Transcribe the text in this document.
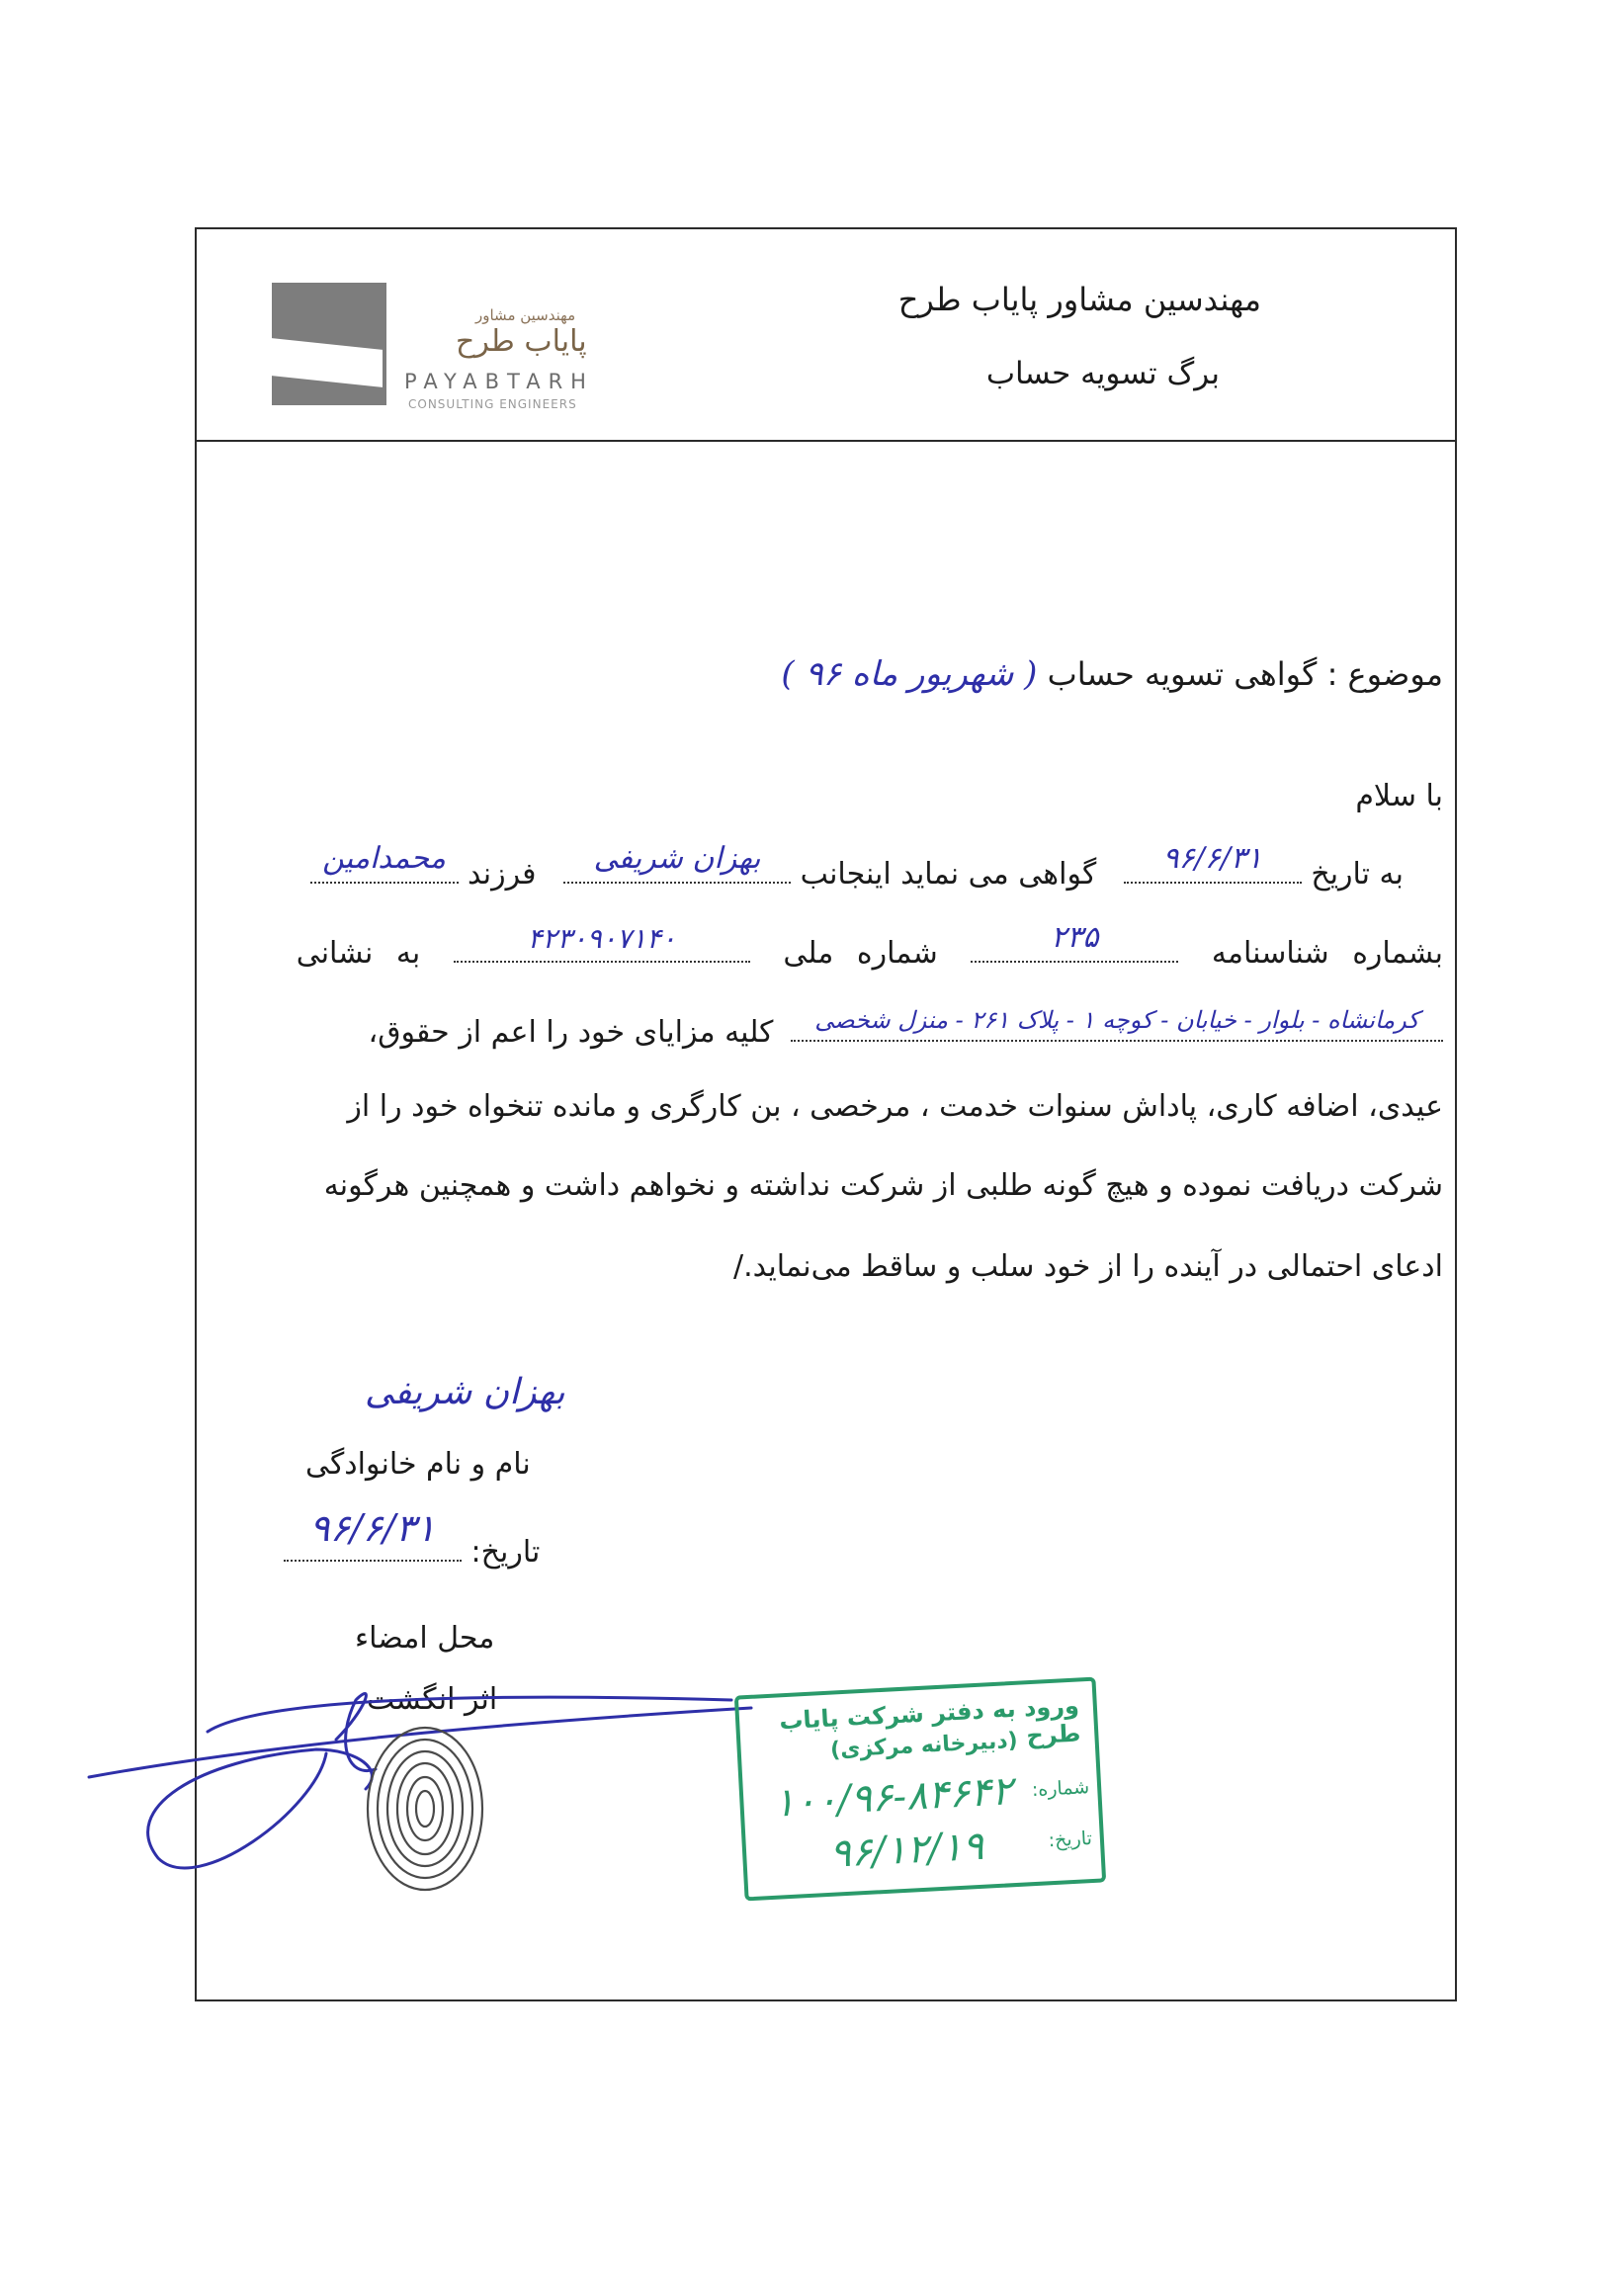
مهندسین مشاور
پایاب طرح
PAYABTARH
CONSULTING ENGINEERS
مهندسین مشاور پایاب طرح
برگ تسویه حساب
موضوع : گواهی تسویه حساب ( شهریور ماه ۹۶ )
با سلام
به تاریخ
۹۶/۶/۳۱
گواهی می نماید اینجانب
بهزان شریفی
فرزند
محمدامین
بشماره شناسنامه
۲۳۵
شماره ملی
۴۲۳۰۹۰۷۱۴۰
به نشانی
کرمانشاه - بلوار - خیابان - کوچه ۱ - پلاک ۲۶۱ - منزل شخصی
کلیه مزایای خود را اعم از حقوق،
عیدی، اضافه کاری، پاداش سنوات خدمت ، مرخصی ، بن کارگری و مانده تنخواه خود را از
شرکت دریافت نموده و هیچ گونه طلبی از شرکت نداشته و نخواهم داشت و همچنین هرگونه
ادعای احتمالی در آینده را از خود سلب و ساقط می‌نماید./
بهزان شریفی
نام و نام خانوادگی
تاریخ:
۹۶/۶/۳۱
محل امضاء
اثر انگشت	ورود به دفتر شرکت پایاب طرح
(دبیرخانه مرکزی)
شماره:
۱۰۰/۹۶-۸۴۶۴۲
تاریخ:
۹۶/۱۲/۱۹
